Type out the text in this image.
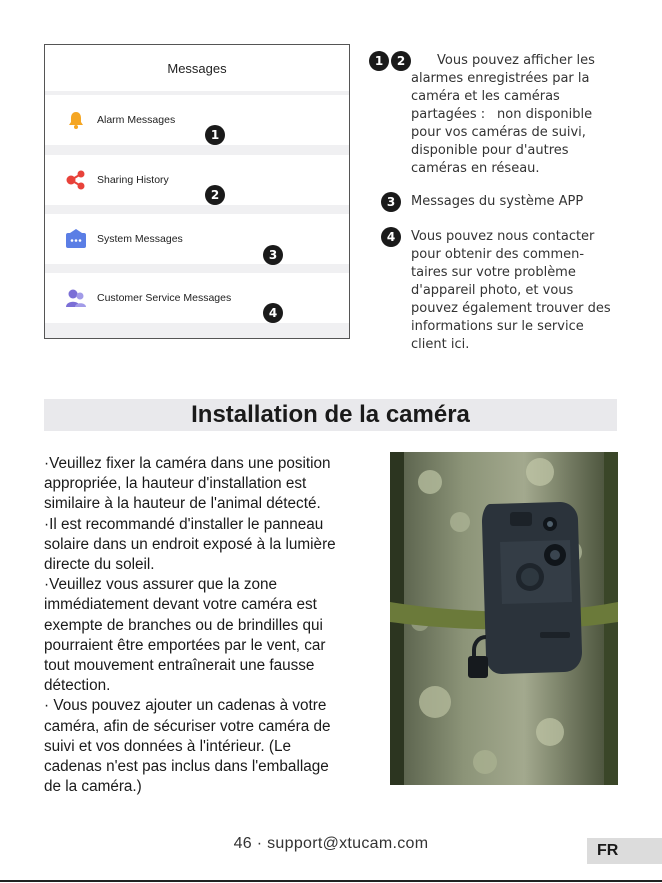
Messages
Alarm Messages
Sharing History
System Messages
Customer Service Messages
1
2
3
4
1	2	Vous pouvez afficher les
alarmes enregistrées par la
caméra et les caméras
partagées : non disponible
pour vos caméras de suivi,
disponible pour d'autres
caméras en réseau.
3	Messages du système APP
4	Vous pouvez nous contacter
pour obtenir des commen-
taires sur votre problème
d'appareil photo, et vous
pouvez également trouver des
informations sur le service
client ici.
Installation de la caméra

·Veuillez fixer la caméra dans une position

appropriée, la hauteur d'installation est

similaire à la hauteur de l'animal détecté.

·Il est recommandé d'installer le panneau

solaire dans un endroit exposé à la lumière

directe du soleil.

·Veuillez vous assurer que la zone

immédiatement devant votre caméra est

exempte de branches ou de brindilles qui

pourraient être emportées par le vent, car

tout mouvement entraînerait une fausse

détection.

· Vous pouvez ajouter un cadenas à votre

caméra, afin de sécuriser votre caméra de

suivi et vos données à l'intérieur. (Le

cadenas n'est pas inclus dans l'emballage

de la caméra.)

46 · support@xtucam.com	FR
